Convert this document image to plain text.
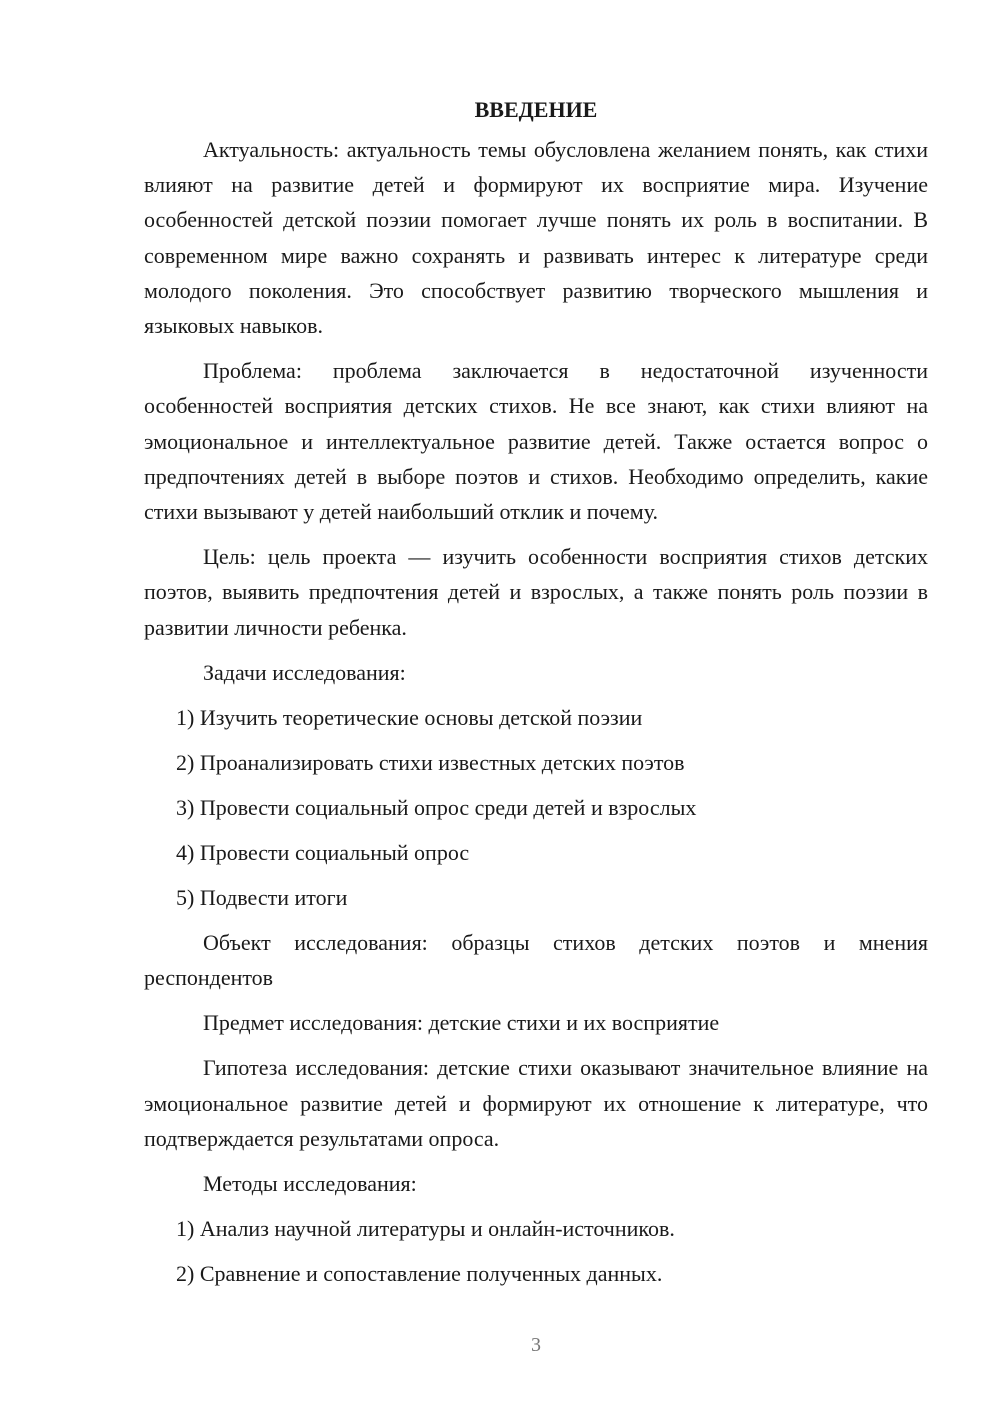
ВВЕДЕНИЕ

Актуальность: актуальность темы обусловлена желанием понять, как стихи влияют на развитие детей и формируют их восприятие мира. Изучение особенностей детской поэзии помогает лучше понять их роль в воспитании. В современном мире важно сохранять и развивать интерес к литературе среди молодого поколения. Это способствует развитию творческого мышления и языковых навыков.

Проблема: проблема заключается в недостаточной изученности особенностей восприятия детских стихов. Не все знают, как стихи влияют на эмоциональное и интеллектуальное развитие детей. Также остается вопрос о предпочтениях детей в выборе поэтов и стихов. Необходимо определить, какие стихи вызывают у детей наибольший отклик и почему.

Цель: цель проекта — изучить особенности восприятия стихов детских поэтов, выявить предпочтения детей и взрослых, а также понять роль поэзии в развитии личности ребенка.

Задачи исследования:

1) Изучить теоретические основы детской поэзии

2) Проанализировать стихи известных детских поэтов

3) Провести социальный опрос среди детей и взрослых

4) Провести социальный опрос

5) Подвести итоги

Объект исследования: образцы стихов детских поэтов и мнения респондентов

Предмет исследования: детские стихи и их восприятие

Гипотеза исследования: детские стихи оказывают значительное влияние на эмоциональное развитие детей и формируют их отношение к литературе, что подтверждается результатами опроса.

Методы исследования:

1) Анализ научной литературы и онлайн-источников.

2) Сравнение и сопоставление полученных данных.

3
